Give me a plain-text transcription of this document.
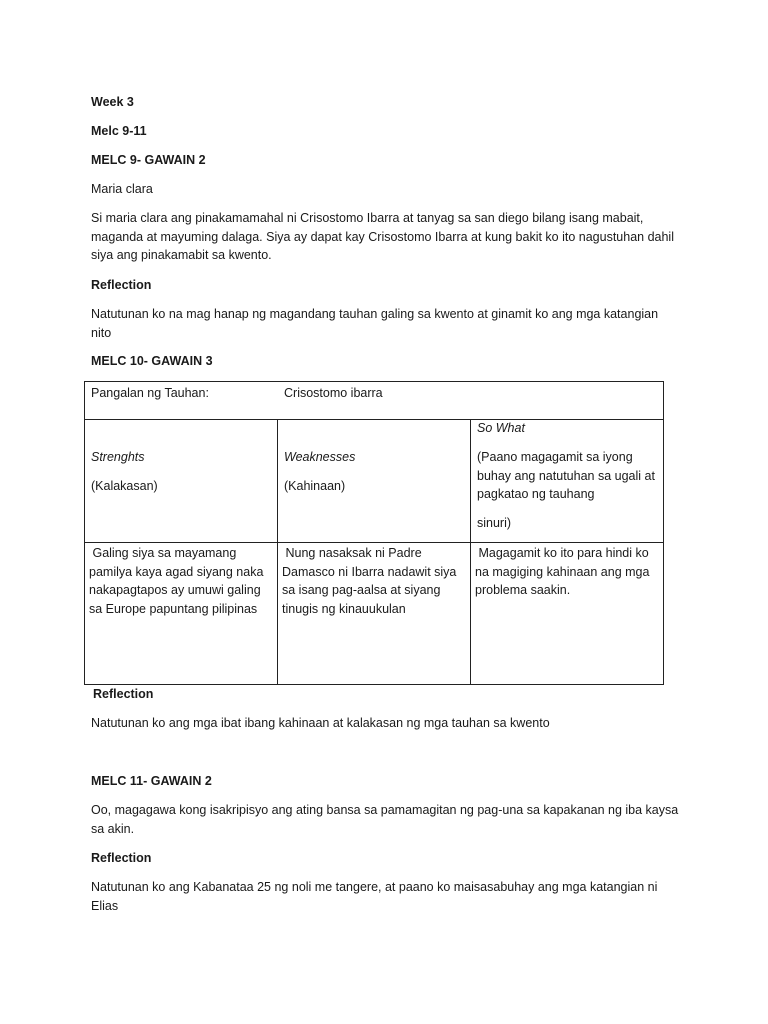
Week 3

Melc 9-11

MELC 9- GAWAIN 2

Maria clara

Si maria clara ang pinakamamahal ni Crisostomo Ibarra at tanyag sa san diego bilang isang mabait,
maganda at mayuming dalaga. Siya ay dapat kay Crisostomo Ibarra at kung bakit ko ito nagustuhan dahil
siya ang pinakamabit sa kwento.

Reflection

Natutunan ko na mag hanap ng magandang tauhan galing sa kwento at ginamit ko ang mga katangian
nito

MELC 10- GAWAIN 3

Pangalan ng Tauhan:	Crisostomo ibarra

Strenghts

(Kalakasan)

Weaknesses

(Kahinaan)

So What

(Paano magagamit sa iyong
buhay ang natutuhan sa ugali at
pagkatao ng tauhang

sinuri)

Galing siya sa mayamang
pamilya kaya agad siyang naka
nakapagtapos ay umuwi galing
sa Europe papuntang pilipinas
Nung nasaksak ni Padre
Damasco ni Ibarra nadawit siya
sa isang pag-aalsa at siyang
tinugis ng kinauukulan
Magagamit ko ito para hindi ko
na magiging kahinaan ang mga
problema saakin.

Reflection

Natutunan ko ang mga ibat ibang kahinaan at kalakasan ng mga tauhan sa kwento

MELC 11- GAWAIN 2

Oo, magagawa kong isakripisyo ang ating bansa sa pamamagitan ng pag-una sa kapakanan ng iba kaysa
sa akin.

Reflection

Natutunan ko ang Kabanataa 25 ng noli me tangere, at paano ko maisasabuhay ang mga katangian ni
Elias
